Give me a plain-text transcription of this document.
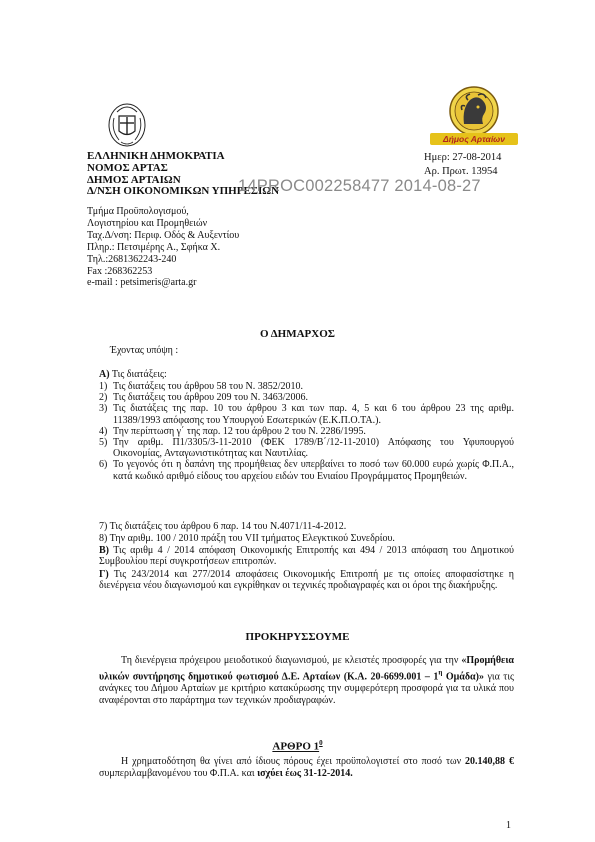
Δήμος Αρταίων
ΕΛΛΗΝΙΚΗ ΔΗΜΟΚΡΑΤΙΑ
ΝΟΜΟΣ ΑΡΤΑΣ
ΔΗΜΟΣ ΑΡΤΑΙΩΝ
Δ/ΝΣΗ ΟΙΚΟΝΟΜΙΚΩΝ ΥΠΗΡΕΣΙΩΝ
Τμήμα Προϋπολογισμού,
Λογιστηρίου και Προμηθειών
Ταχ.Δ/νση: Περιφ. Οδός & Αυξεντίου
Πληρ.: Πετσιμέρης Α., Σφήκα Χ.
Τηλ.:2681362243-240
Fax :268362253
e-mail : petsimeris@arta.gr
Ημερ: 27-08-2014
Αρ. Πρωτ. 13954
14PROC002258477 2014-08-27
Ο ΔΗΜΑΡΧΟΣ
Έχοντας υπόψη :
Α) Τις διατάξεις:
1) Τις διατάξεις του άρθρου 58 του Ν. 3852/2010.
2) Τις διατάξεις του άρθρου 209 του Ν. 3463/2006.
3) Τις διατάξεις της παρ. 10 του άρθρου 3 και των παρ. 4, 5 και 6 του άρθρου 23 της αριθμ. 11389/1993 απόφασης του Υπουργού Εσωτερικών (Ε.Κ.Π.Ο.ΤΑ.).
4) Την περίπτωση γ΄ της παρ. 12 του άρθρου 2 του Ν. 2286/1995.
5) Την αριθμ. Π1/3305/3-11-2010 (ΦΕΚ 1789/Β΄/12-11-2010) Απόφασης του Υφυπουργού Οικονομίας, Ανταγωνιστικότητας και Ναυτιλίας.
6) Το γεγονός ότι η δαπάνη της προμήθειας δεν υπερβαίνει το ποσό των 60.000 ευρώ χωρίς Φ.Π.Α., κατά κωδικό αριθμό είδους του αρχείου ειδών του Ενιαίου Προγράμματος Προμηθειών.
7) Τις διατάξεις του άρθρου 6 παρ. 14 του Ν.4071/11-4-2012.
8) Την αριθμ. 100 / 2010 πράξη του VII τμήματος Ελεγκτικού Συνεδρίου.
Β) Τις αριθμ 4 / 2014 απόφαση Οικονομικής Επιτροπής και 494 / 2013 απόφαση του Δημοτικού Συμβουλίου περί συγκροτήσεων επιτροπών.
Γ) Τις 243/2014 και 277/2014 αποφάσεις Οικονομικής Επιτροπή με τις οποίες αποφασίστηκε η διενέργεια νέου διαγωνισμού και εγκρίθηκαν οι τεχνικές προδιαγραφές και οι όροι της διακήρυξης.
ΠΡΟΚΗΡΥΣΣΟΥΜΕ
Τη διενέργεια πρόχειρου μειοδοτικού διαγωνισμού, με κλειστές προσφορές για την «Προμήθεια υλικών συντήρησης δημοτικού φωτισμού Δ.Ε. Αρταίων (Κ.Α. $20-6699.001 - 1^\eta$ Ομάδα)» για τις ανάγκες του Δήμου Αρταίων με κριτήριο κατακύρωσης την συμφερότερη προσφορά για τα υλικά που αναφέρονται στο παράρτημα των τεχνικών προδιαγραφών.
ΑΡΘΡΟ $1^0$
Η χρηματοδότηση θα γίνει από ίδιους πόρους έχει προϋπολογιστεί στο ποσό των 20.140,88 € συμπεριλαμβανομένου του Φ.Π.Α. και ισχύει έως 31-12-2014.
1
